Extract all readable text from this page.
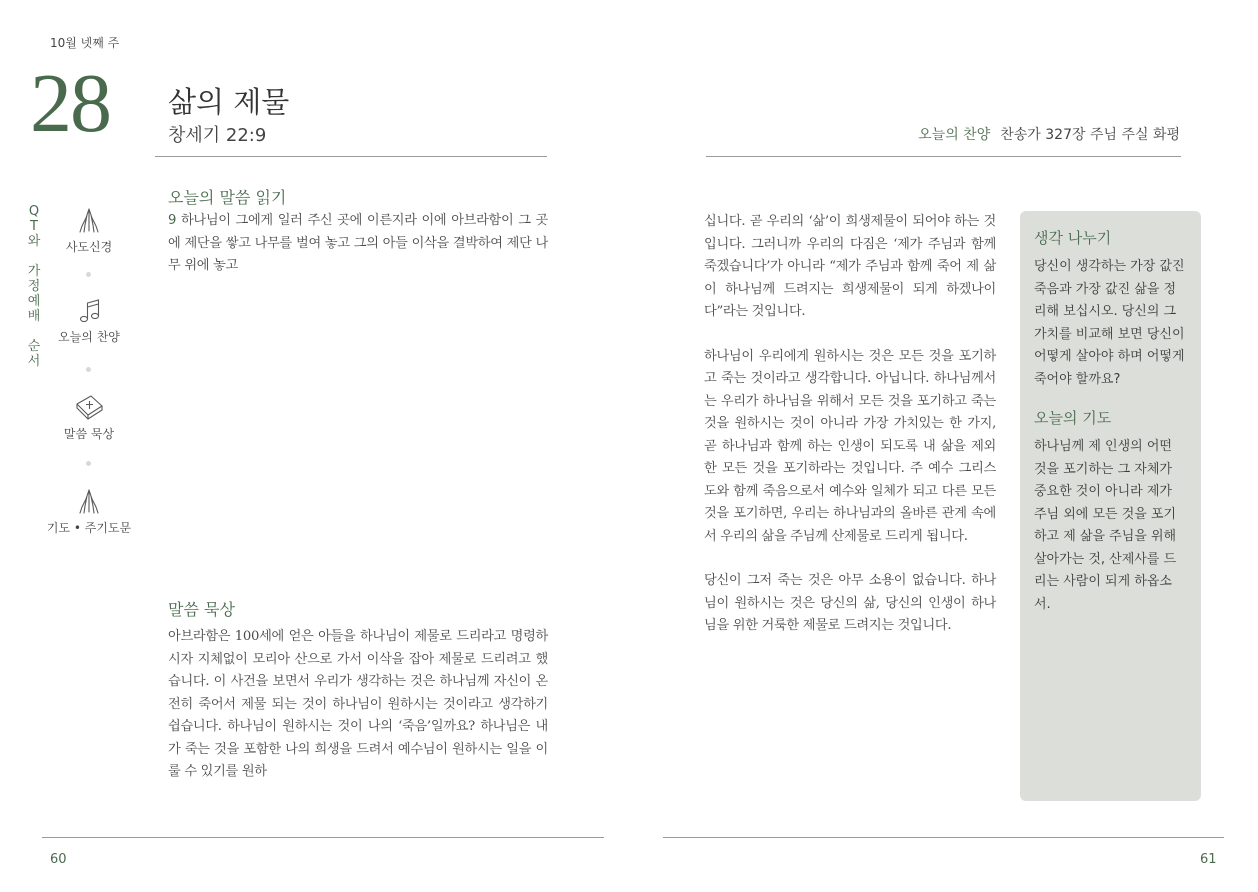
10월 넷째 주
28 삶의 제물
창세기 22:9	오늘의 찬양 찬송가 327장 주님 주실 화평
Q
T
와

가
정
예
배

순
서
사도신경
오늘의 찬양
말씀 묵상
기도 • 주기도문
오늘의 말씀 읽기
9 하나님이 그에게 일러 주신 곳에 이른지라 이에 아브라함이 그 곳에 제단을 쌓고 나무를 벌여 놓고 그의 아들 이삭을 결박하여 제단 나무 위에 놓고
말씀 묵상
아브라함은 100세에 얻은 아들을 하나님이 제물로 드리라고 명령하시자 지체없이 모리아 산으로 가서 이삭을 잡아 제물로 드리려고 했습니다. 이 사건을 보면서 우리가 생각하는 것은 하나님께 자신이 온전히 죽어서 제물 되는 것이 하나님이 원하시는 것이라고 생각하기 쉽습니다. 하나님이 원하시는 것이 나의 ‘죽음’일까요? 하나님은 내가 죽는 것을 포함한 나의 희생을 드려서 예수님이 원하시는 일을 이룰 수 있기를 원하

십니다. 곧 우리의 ‘삶’이 희생제물이 되어야 하는 것입니다. 그러니까 우리의 다짐은 ‘제가 주님과 함께 죽겠습니다’가 아니라 “제가 주님과 함께 죽어 제 삶이 하나님께 드려지는 희생제물이 되게 하겠나이다”라는 것입니다.

하나님이 우리에게 원하시는 것은 모든 것을 포기하고 죽는 것이라고 생각합니다. 아닙니다. 하나님께서는 우리가 하나님을 위해서 모든 것을 포기하고 죽는 것을 원하시는 것이 아니라 가장 가치있는 한 가지, 곧 하나님과 함께 하는 인생이 되도록 내 삶을 제외한 모든 것을 포기하라는 것입니다. 주 예수 그리스도와 함께 죽음으로서 예수와 일체가 되고 다른 모든 것을 포기하면, 우리는 하나님과의 올바른 관계 속에서 우리의 삶을 주님께 산제물로 드리게 됩니다.

당신이 그저 죽는 것은 아무 소용이 없습니다. 하나님이 원하시는 것은 당신의 삶, 당신의 인생이 하나님을 위한 거룩한 제물로 드려지는 것입니다.

생각 나누기
당신이 생각하는 가장 값진 죽음과 가장 값진 삶을 정리해 보십시오. 당신의 그 가치를 비교해 보면 당신이 어떻게 살아야 하며 어떻게 죽어야 할까요?
오늘의 기도
하나님께 제 인생의 어떤 것을 포기하는 그 자체가 중요한 것이 아니라 제가 주님 외에 모든 것을 포기하고 제 삶을 주님을 위해 살아가는 것, 산제사를 드리는 사람이 되게 하옵소서.
60	61
